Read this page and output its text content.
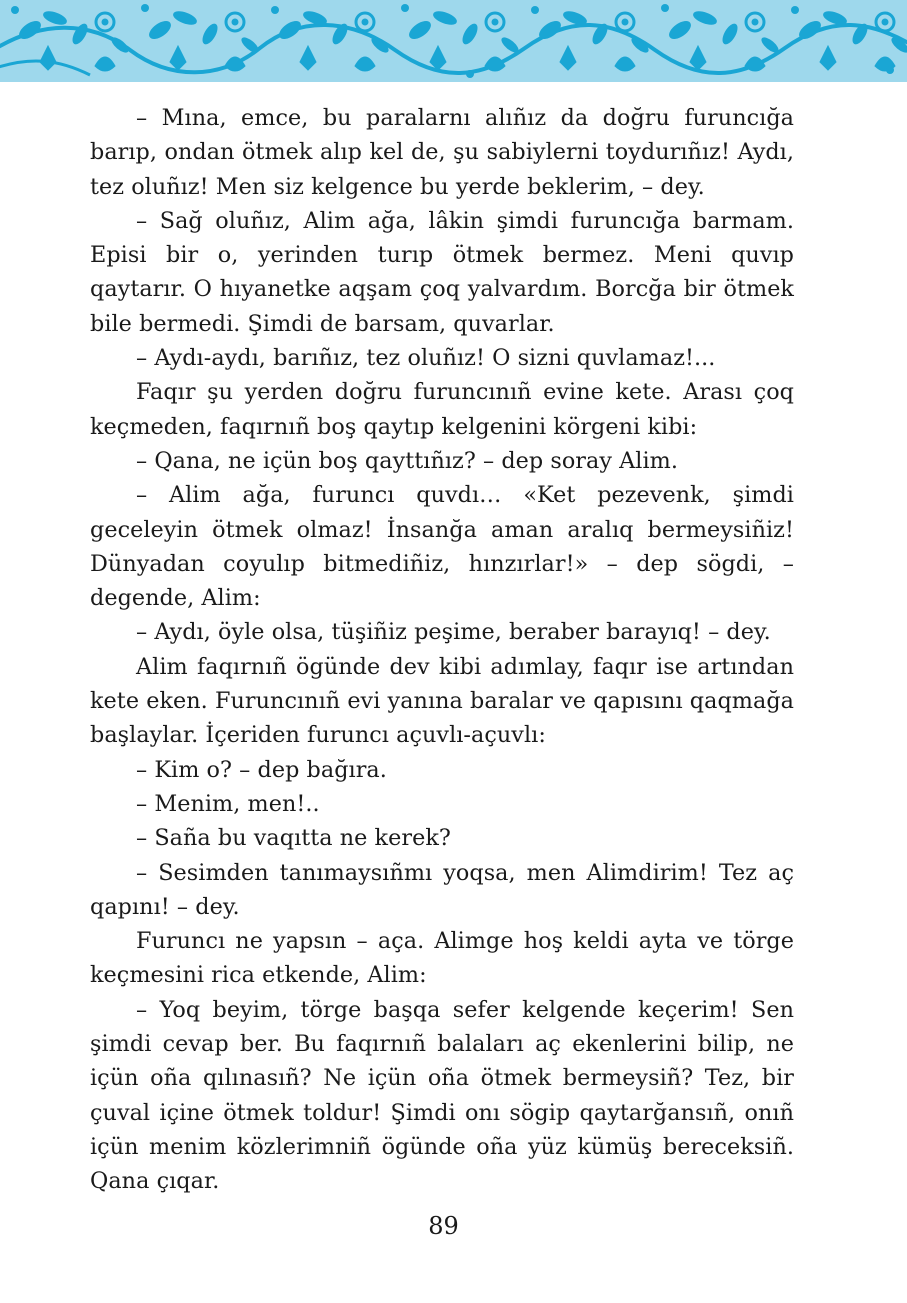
– Mına, emce, bu paralarnı alıñız da doğru furuncığa barıp, ondan ötmek alıp kel de, şu sabiylerni toydurıñız! Aydı, tez oluñız! Men siz kelgence bu yerde beklerim, – dey.

– Sağ oluñız, Alim ağa, lâkin şimdi furuncığa barmam. Episi bir o, yerinden turıp ötmek bermez. Meni quvıp qaytarır. O hıyanetke aqşam çoq yalvardım. Borcğa bir ötmek bile bermedi. Şimdi de barsam, quvarlar.

– Aydı-aydı, barıñız, tez oluñız! O sizni quvlamaz!...

Faqır şu yerden doğru furuncınıñ evine kete. Arası çoq keçmeden, faqırnıñ boş qaytıp kelgenini körgeni kibi:

– Qana, ne içün boş qayttıñız? – dep soray Alim.

– Alim ağa, furuncı quvdı… «Ket pezevenk, şimdi geceleyin ötmek olmaz! İnsanğa aman aralıq bermeysiñiz! Dünyadan coyulıp bitmediñiz, hınzırlar!» – dep sögdi, – degende, Alim:

– Aydı, öyle olsa, tüşiñiz peşime, beraber barayıq! – dey.

Alim faqırnıñ ögünde dev kibi adımlay, faqır ise artından kete eken. Furuncınıñ evi yanına baralar ve qapısını qaqmağa başlaylar. İçeriden furuncı açuvlı-açuvlı:

– Kim o? – dep bağıra.

– Menim, men!..

– Saña bu vaqıtta ne kerek?

– Sesimden tanımaysıñmı yoqsa, men Alimdirim! Tez aç qapını! – dey.

Furuncı ne yapsın – aça. Alimge hoş keldi ayta ve törge keçmesini rica etkende, Alim:

– Yoq beyim, törge başqa sefer kelgende keçerim! Sen şimdi cevap ber. Bu faqırnıñ balaları aç ekenlerini bilip, ne içün oña qılınasıñ? Ne içün oña ötmek bermeysiñ? Tez, bir çuval içine ötmek toldur! Şimdi onı sögip qaytarğansıñ, onıñ içün menim közlerimniñ ögünde oña yüz kümüş bereceksiñ. Qana çıqar.

89
